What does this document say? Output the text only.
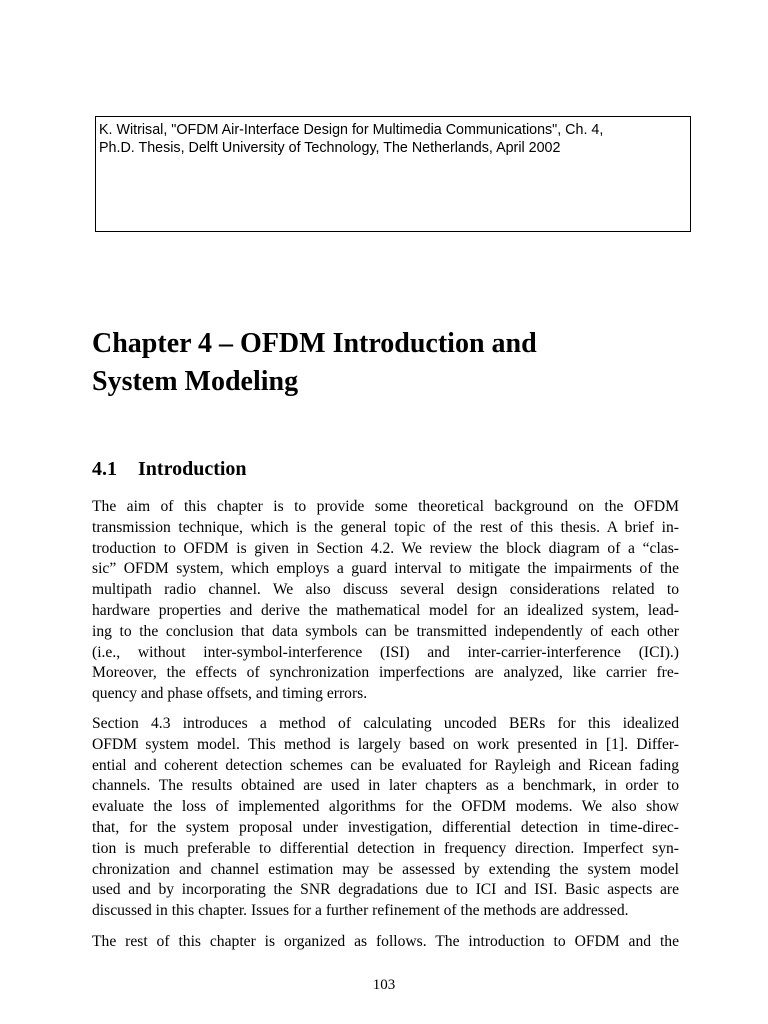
K. Witrisal, "OFDM Air-Interface Design for Multimedia Communications", Ch. 4,
Ph.D. Thesis, Delft University of Technology, The Netherlands, April 2002
Chapter 4 – OFDM Introduction and
System Modeling
4.1 Introduction

The aim of this chapter is to provide some theoretical background on the OFDM
transmission technique, which is the general topic of the rest of this thesis. A brief in-
troduction to OFDM is given in Section 4.2. We review the block diagram of a “clas-
sic” OFDM system, which employs a guard interval to mitigate the impairments of the
multipath radio channel. We also discuss several design considerations related to
hardware properties and derive the mathematical model for an idealized system, lead-
ing to the conclusion that data symbols can be transmitted independently of each other
(i.e., without inter-symbol-interference (ISI) and inter-carrier-interference (ICI).)
Moreover, the effects of synchronization imperfections are analyzed, like carrier fre-
quency and phase offsets, and timing errors.

Section 4.3 introduces a method of calculating uncoded BERs for this idealized
OFDM system model. This method is largely based on work presented in [1]. Differ-
ential and coherent detection schemes can be evaluated for Rayleigh and Ricean fading
channels. The results obtained are used in later chapters as a benchmark, in order to
evaluate the loss of implemented algorithms for the OFDM modems. We also show
that, for the system proposal under investigation, differential detection in time-direc-
tion is much preferable to differential detection in frequency direction. Imperfect syn-
chronization and channel estimation may be assessed by extending the system model
used and by incorporating the SNR degradations due to ICI and ISI. Basic aspects are
discussed in this chapter. Issues for a further refinement of the methods are addressed.

The rest of this chapter is organized as follows. The introduction to OFDM and the

103
